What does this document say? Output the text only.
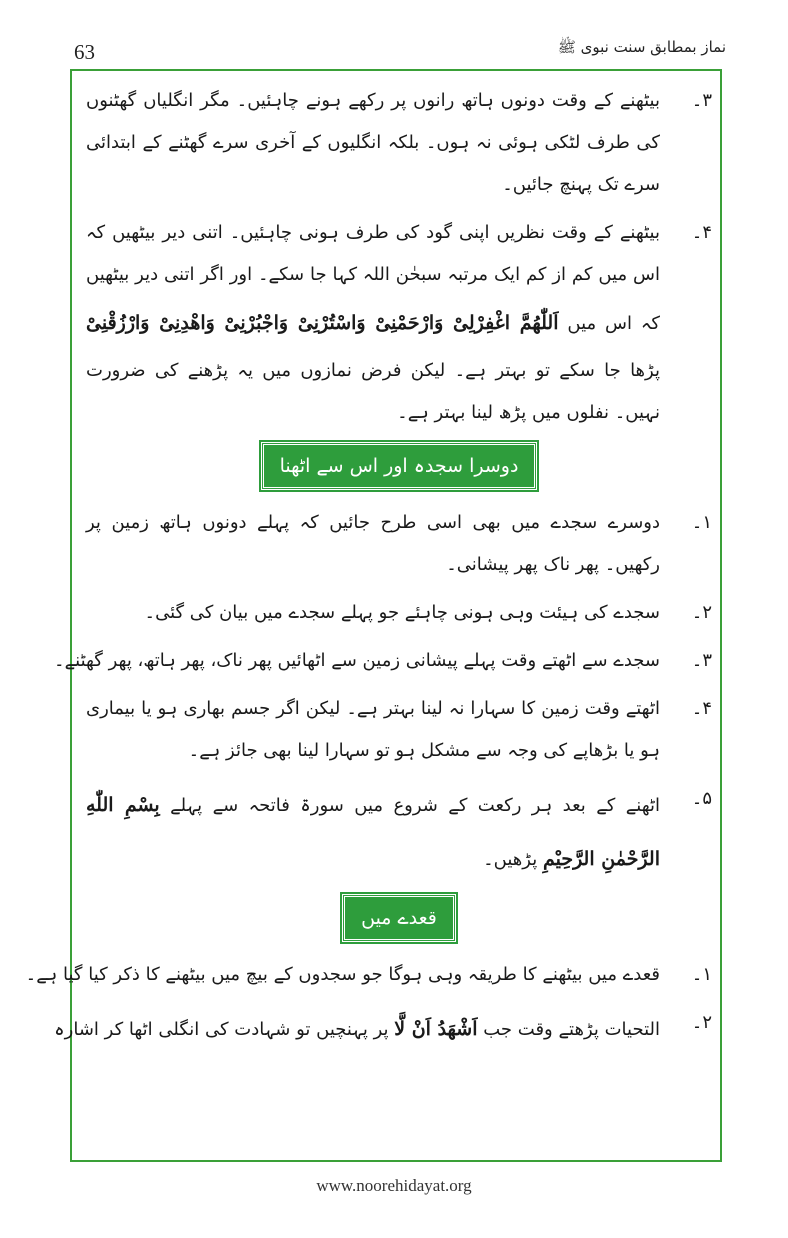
63	نماز بمطابق سنت نبوی ﷺ
۳۔
بیٹھنے کے وقت دونوں ہاتھ رانوں پر رکھے ہونے چاہئیں۔ مگر انگلیاں گھٹنوں کی طرف لٹکی ہوئی نہ ہوں۔ بلکہ انگلیوں کے آخری سرے گھٹنے کے ابتدائی سرے تک پہنچ جائیں۔
۴۔
بیٹھنے کے وقت نظریں اپنی گود کی طرف ہونی چاہئیں۔ اتنی دیر بیٹھیں کہ اس میں کم از کم ایک مرتبہ سبحٰن اللہ کہا جا سکے۔ اور اگر اتنی دیر بیٹھیں کہ اس میں اَللّٰهُمَّ اغْفِرْلِیْ وَارْحَمْنِیْ وَاسْتُرْنِیْ وَاجْبُرْنِیْ وَاهْدِنِیْ وَارْزُقْنِیْ پڑھا جا سکے تو بہتر ہے۔ لیکن فرض نمازوں میں یہ پڑھنے کی ضرورت نہیں۔ نفلوں میں پڑھ لینا بہتر ہے۔
دوسرا سجدہ اور اس سے اٹھنا
۱۔
دوسرے سجدے میں بھی اسی طرح جائیں کہ پہلے دونوں ہاتھ زمین پر رکھیں۔ پھر ناک پھر پیشانی۔
۲۔
سجدے کی ہیئت وہی ہونی چاہئے جو پہلے سجدے میں بیان کی گئی۔
۳۔
سجدے سے اٹھتے وقت پہلے پیشانی زمین سے اٹھائیں پھر ناک، پھر ہاتھ، پھر گھٹنے۔
۴۔
اٹھتے وقت زمین کا سہارا نہ لینا بہتر ہے۔ لیکن اگر جسم بھاری ہو یا بیماری ہو یا بڑھاپے کی وجہ سے مشکل ہو تو سہارا لینا بھی جائز ہے۔
۵۔
اٹھنے کے بعد ہر رکعت کے شروع میں سورۃ فاتحہ سے پہلے بِسْمِ اللّٰهِ الرَّحْمٰنِ الرَّحِیْمِ پڑھیں۔
قعدے میں
۱۔
قعدے میں بیٹھنے کا طریقہ وہی ہوگا جو سجدوں کے بیچ میں بیٹھنے کا ذکر کیا گیا ہے۔
۲۔
التحیات پڑھتے وقت جب اَشْهَدُ اَنْ لَّا پر پہنچیں تو شہادت کی انگلی اٹھا کر اشارہ
www.noorehidayat.org
